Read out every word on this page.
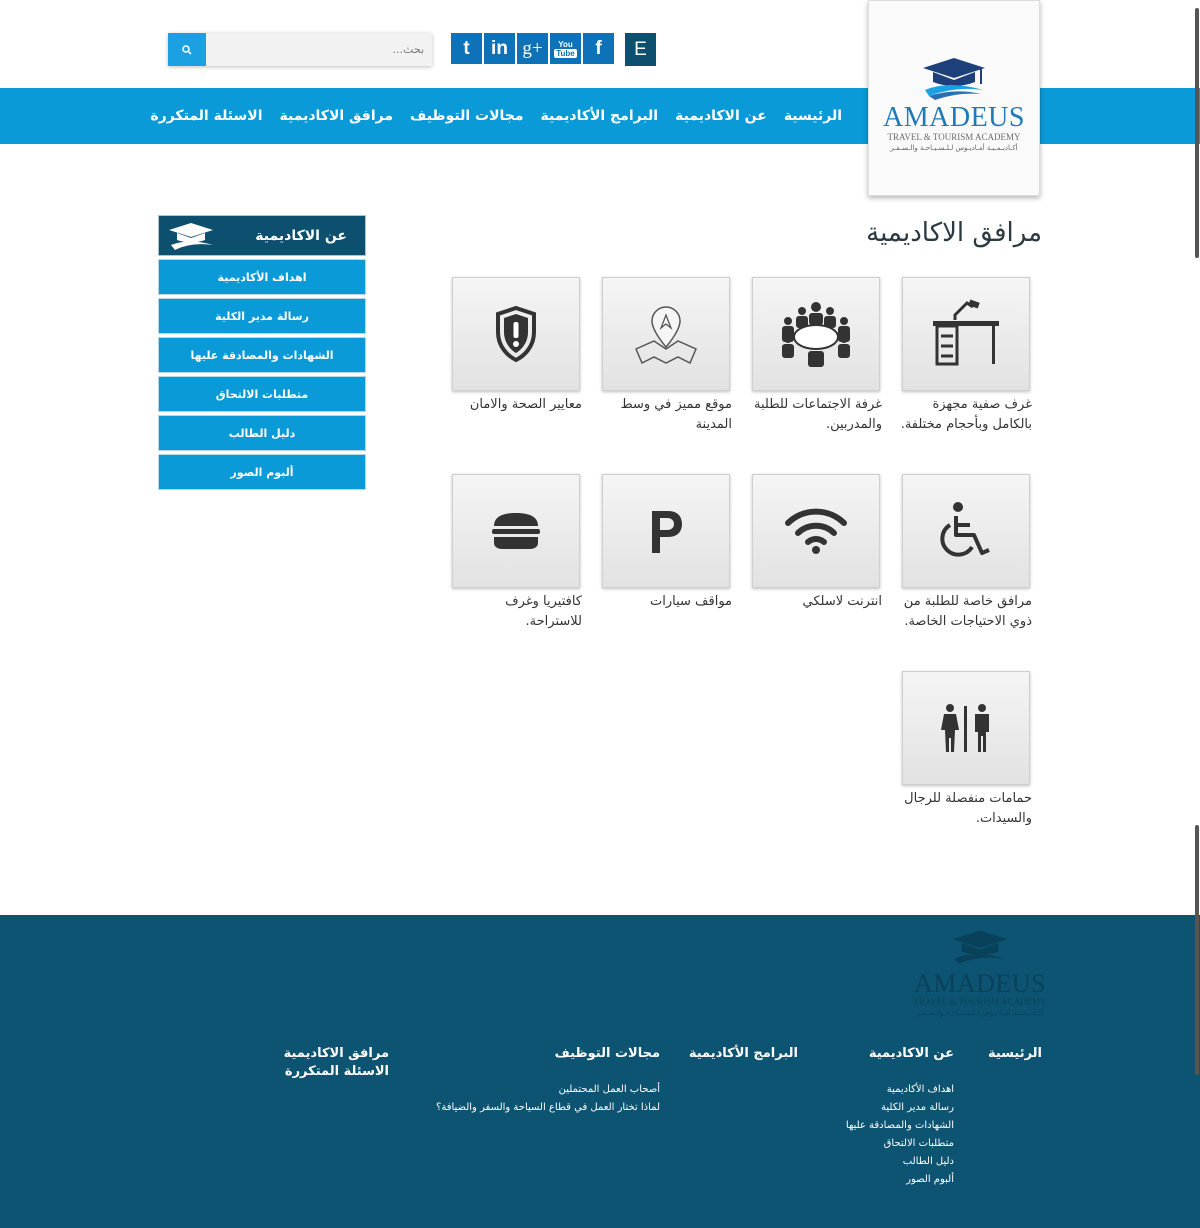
بحث...
t	in g+	You
Tube	f	E
الرئيسية
عن الاكاديمية
البرامج الأكاديمية
مجالات التوظيف
مرافق الاكاديمية
الاسئلة المتكررة	AMADEUS
TRAVEL & TOURISM ACADEMY
أكـاديـمـيـة أمـاديـوس لـلـسـيـاحـة والـسـفـر
عن الاكاديمية
اهداف الأكاديمية
رسالة مدير الكلية
الشهادات والمصادقة عليها
متطلبات الالتحاق
دليل الطالب
ألبوم الصور
مرافق الاكاديمية
غرف صفية مجهزة بالكامل وبأحجام مختلفة.
غرفة الاجتماعات للطلبة والمدربين.
موقع مميز في وسط المدينة
معايير الصحة والامان
مرافق خاصة للطلبة من ذوي الاحتياجات الخاصة.
انترنت لاسلكي
مواقف سيارات
كافتيريا وغرف للاستراحة.
حمامات منفصلة للرجال والسيدات.
AMADEUS
TRAVEL & TOURISM ACADEMY
أكـاديـمـيـة أمـاديـوس لـلـسـيـاحـة والـسـفـر
الرئيسية
عن الاكاديمية
اهداف الأكاديمية
رسالة مدير الكلية
الشهادات والمصادقة عليها
متطلبات الالتحاق
دليل الطالب
ألبوم الصور
البرامج الأكاديمية
مجالات التوظيف
أصحاب العمل المحتملين
لماذا تختار العمل في قطاع السياحة والسفر والضيافة؟
مرافق الاكاديمية
الاسئلة المتكررة
